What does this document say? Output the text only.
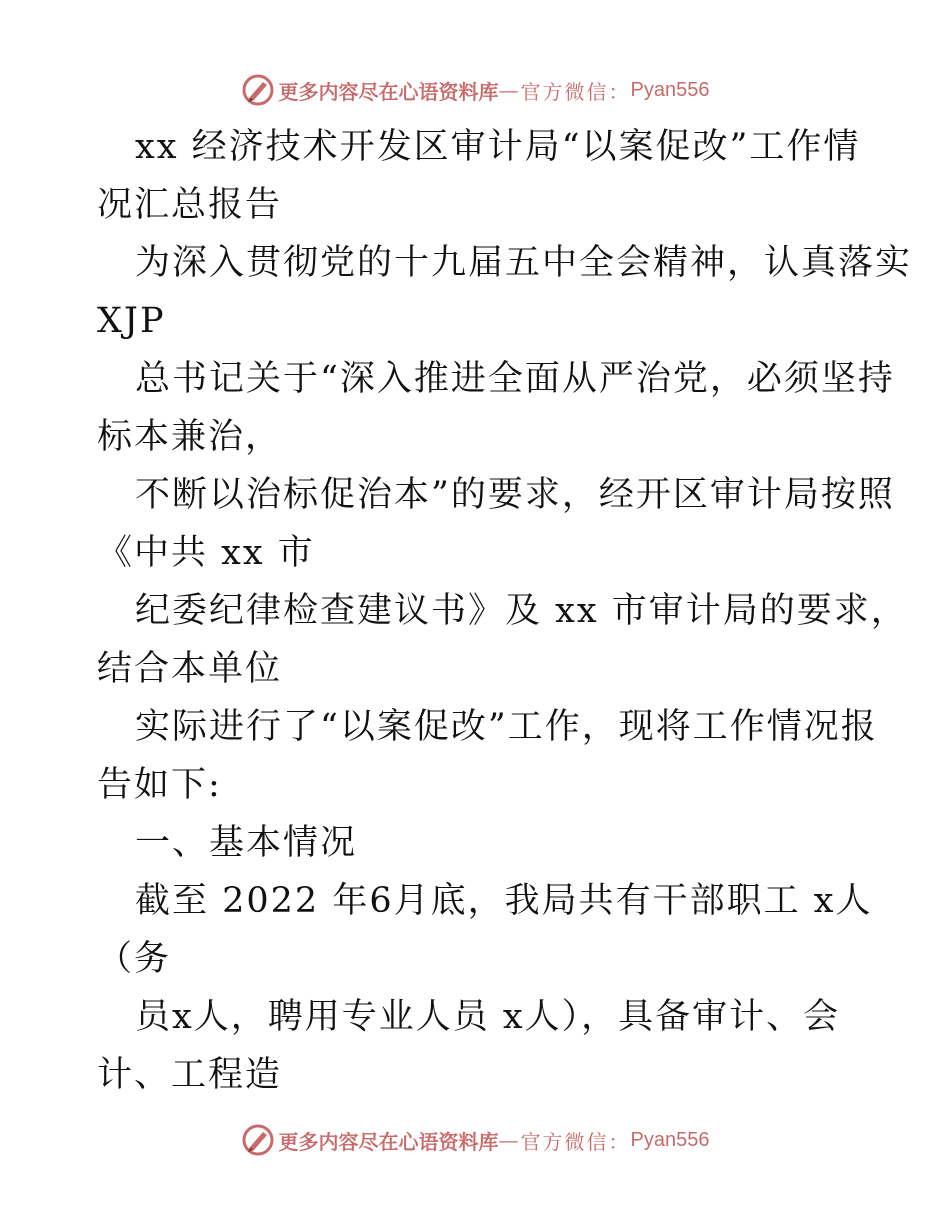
更多内容尽在心语资料库 — 官方微信： Pyan556
xx 经济技术开发区审计局“以案促改”工作情
况汇总报告
为深入贯彻党的十九届五中全会精神，认真落实
XJP
总书记关于“深入推进全面从严治党，必须坚持
标本兼治，
不断以治标促治本”的要求，经开区审计局按照
《中共 xx 市
纪委纪律检查建议书》及 xx 市审计局的要求，
结合本单位
实际进行了“以案促改”工作，现将工作情况报
告如下:
一、基本情况
截至 2022 年6月底，我局共有干部职工 x人
（务
员x人，聘用专业人员 x人），具备审计、会
计、工程造
更多内容尽在心语资料库 — 官方微信： Pyan556
